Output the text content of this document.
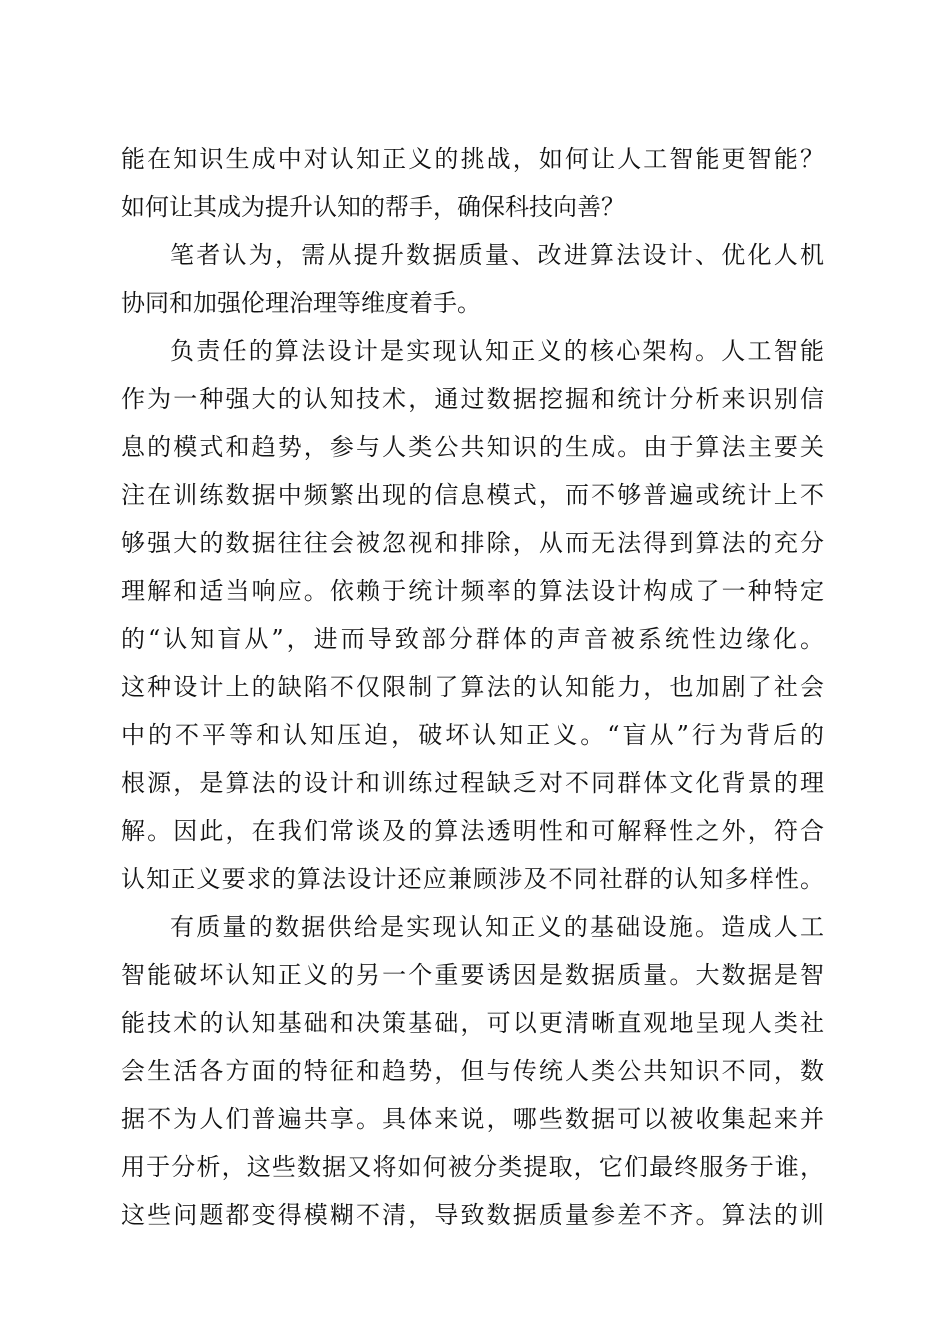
能在知识生成中对认知正义的挑战，如何让人工智能更智能？
如何让其成为提升认知的帮手，确保科技向善？
笔者认为，需从提升数据质量、改进算法设计、优化人机
协同和加强伦理治理等维度着手。
负责任的算法设计是实现认知正义的核心架构。人工智能
作为一种强大的认知技术，通过数据挖掘和统计分析来识别信
息的模式和趋势，参与人类公共知识的生成。由于算法主要关
注在训练数据中频繁出现的信息模式，而不够普遍或统计上不
够强大的数据往往会被忽视和排除，从而无法得到算法的充分
理解和适当响应。依赖于统计频率的算法设计构成了一种特定
的“认知盲从”，进而导致部分群体的声音被系统性边缘化。
这种设计上的缺陷不仅限制了算法的认知能力，也加剧了社会
中的不平等和认知压迫，破坏认知正义。“盲从”行为背后的
根源，是算法的设计和训练过程缺乏对不同群体文化背景的理
解。因此，在我们常谈及的算法透明性和可解释性之外，符合
认知正义要求的算法设计还应兼顾涉及不同社群的认知多样性。
有质量的数据供给是实现认知正义的基础设施。造成人工
智能破坏认知正义的另一个重要诱因是数据质量。大数据是智
能技术的认知基础和决策基础，可以更清晰直观地呈现人类社
会生活各方面的特征和趋势，但与传统人类公共知识不同，数
据不为人们普遍共享。具体来说，哪些数据可以被收集起来并
用于分析，这些数据又将如何被分类提取，它们最终服务于谁，
这些问题都变得模糊不清，导致数据质量参差不齐。算法的训
